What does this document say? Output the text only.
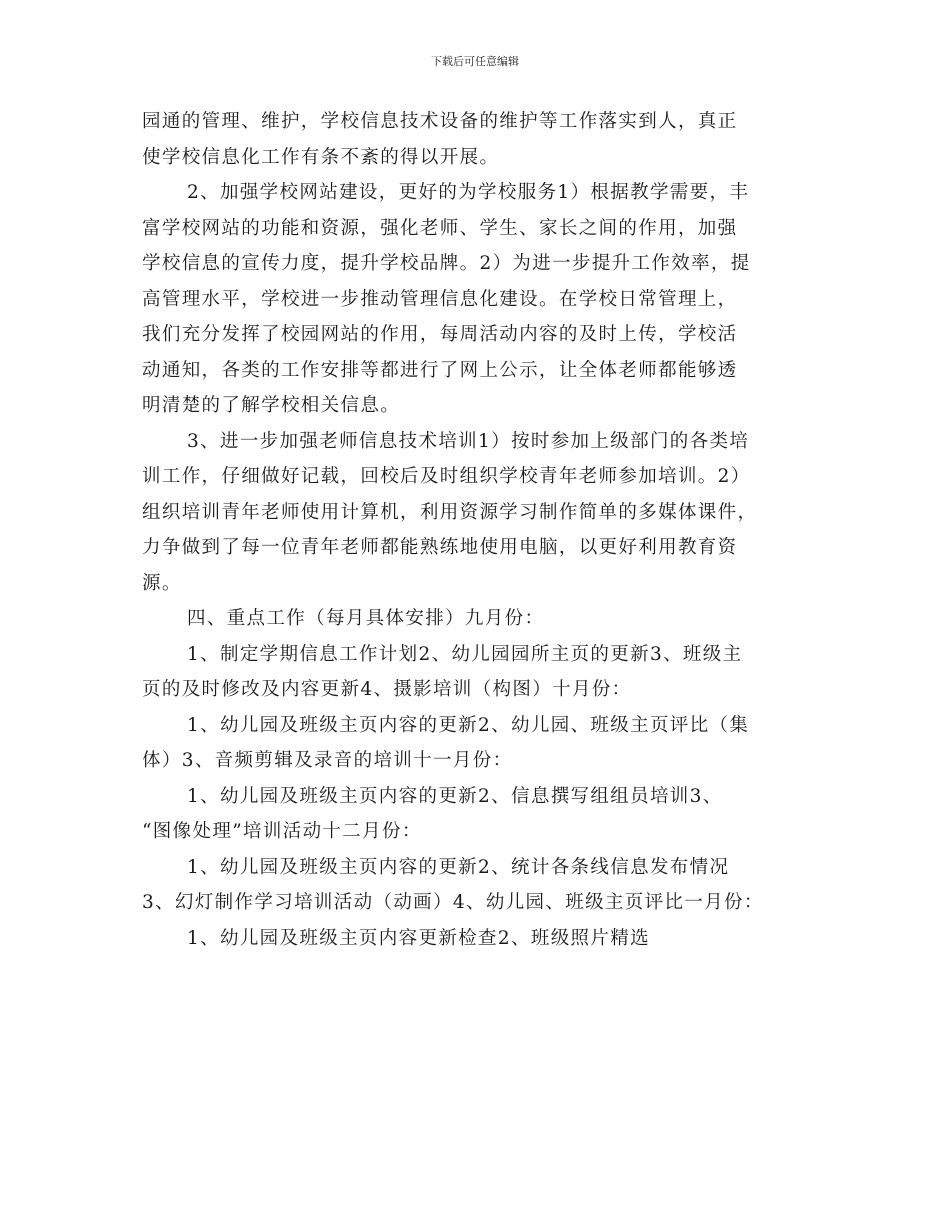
下载后可任意编辑
园通的管理、维护，学校信息技术设备的维护等工作落实到人，真正
使学校信息化工作有条不紊的得以开展。
2、加强学校网站建设，更好的为学校服务1）根据教学需要，丰
富学校网站的功能和资源，强化老师、学生、家长之间的作用，加强
学校信息的宣传力度，提升学校品牌。2）为进一步提升工作效率，提
高管理水平，学校进一步推动管理信息化建设。在学校日常管理上，
我们充分发挥了校园网站的作用，每周活动内容的及时上传，学校活
动通知，各类的工作安排等都进行了网上公示，让全体老师都能够透
明清楚的了解学校相关信息。
3、进一步加强老师信息技术培训1）按时参加上级部门的各类培
训工作，仔细做好记载，回校后及时组织学校青年老师参加培训。2）
组织培训青年老师使用计算机，利用资源学习制作简单的多媒体课件，
力争做到了每一位青年老师都能熟练地使用电脑，以更好利用教育资
源。
四、重点工作（每月具体安排）九月份：
1、制定学期信息工作计划2、幼儿园园所主页的更新3、班级主
页的及时修改及内容更新4、摄影培训（构图）十月份：
1、幼儿园及班级主页内容的更新2、幼儿园、班级主页评比（集
体）3、音频剪辑及录音的培训十一月份：
1、幼儿园及班级主页内容的更新2、信息撰写组组员培训3、
“图像处理”培训活动十二月份：
1、幼儿园及班级主页内容的更新2、统计各条线信息发布情况
3、幻灯制作学习培训活动（动画）4、幼儿园、班级主页评比一月份：
1、幼儿园及班级主页内容更新检查2、班级照片精选
